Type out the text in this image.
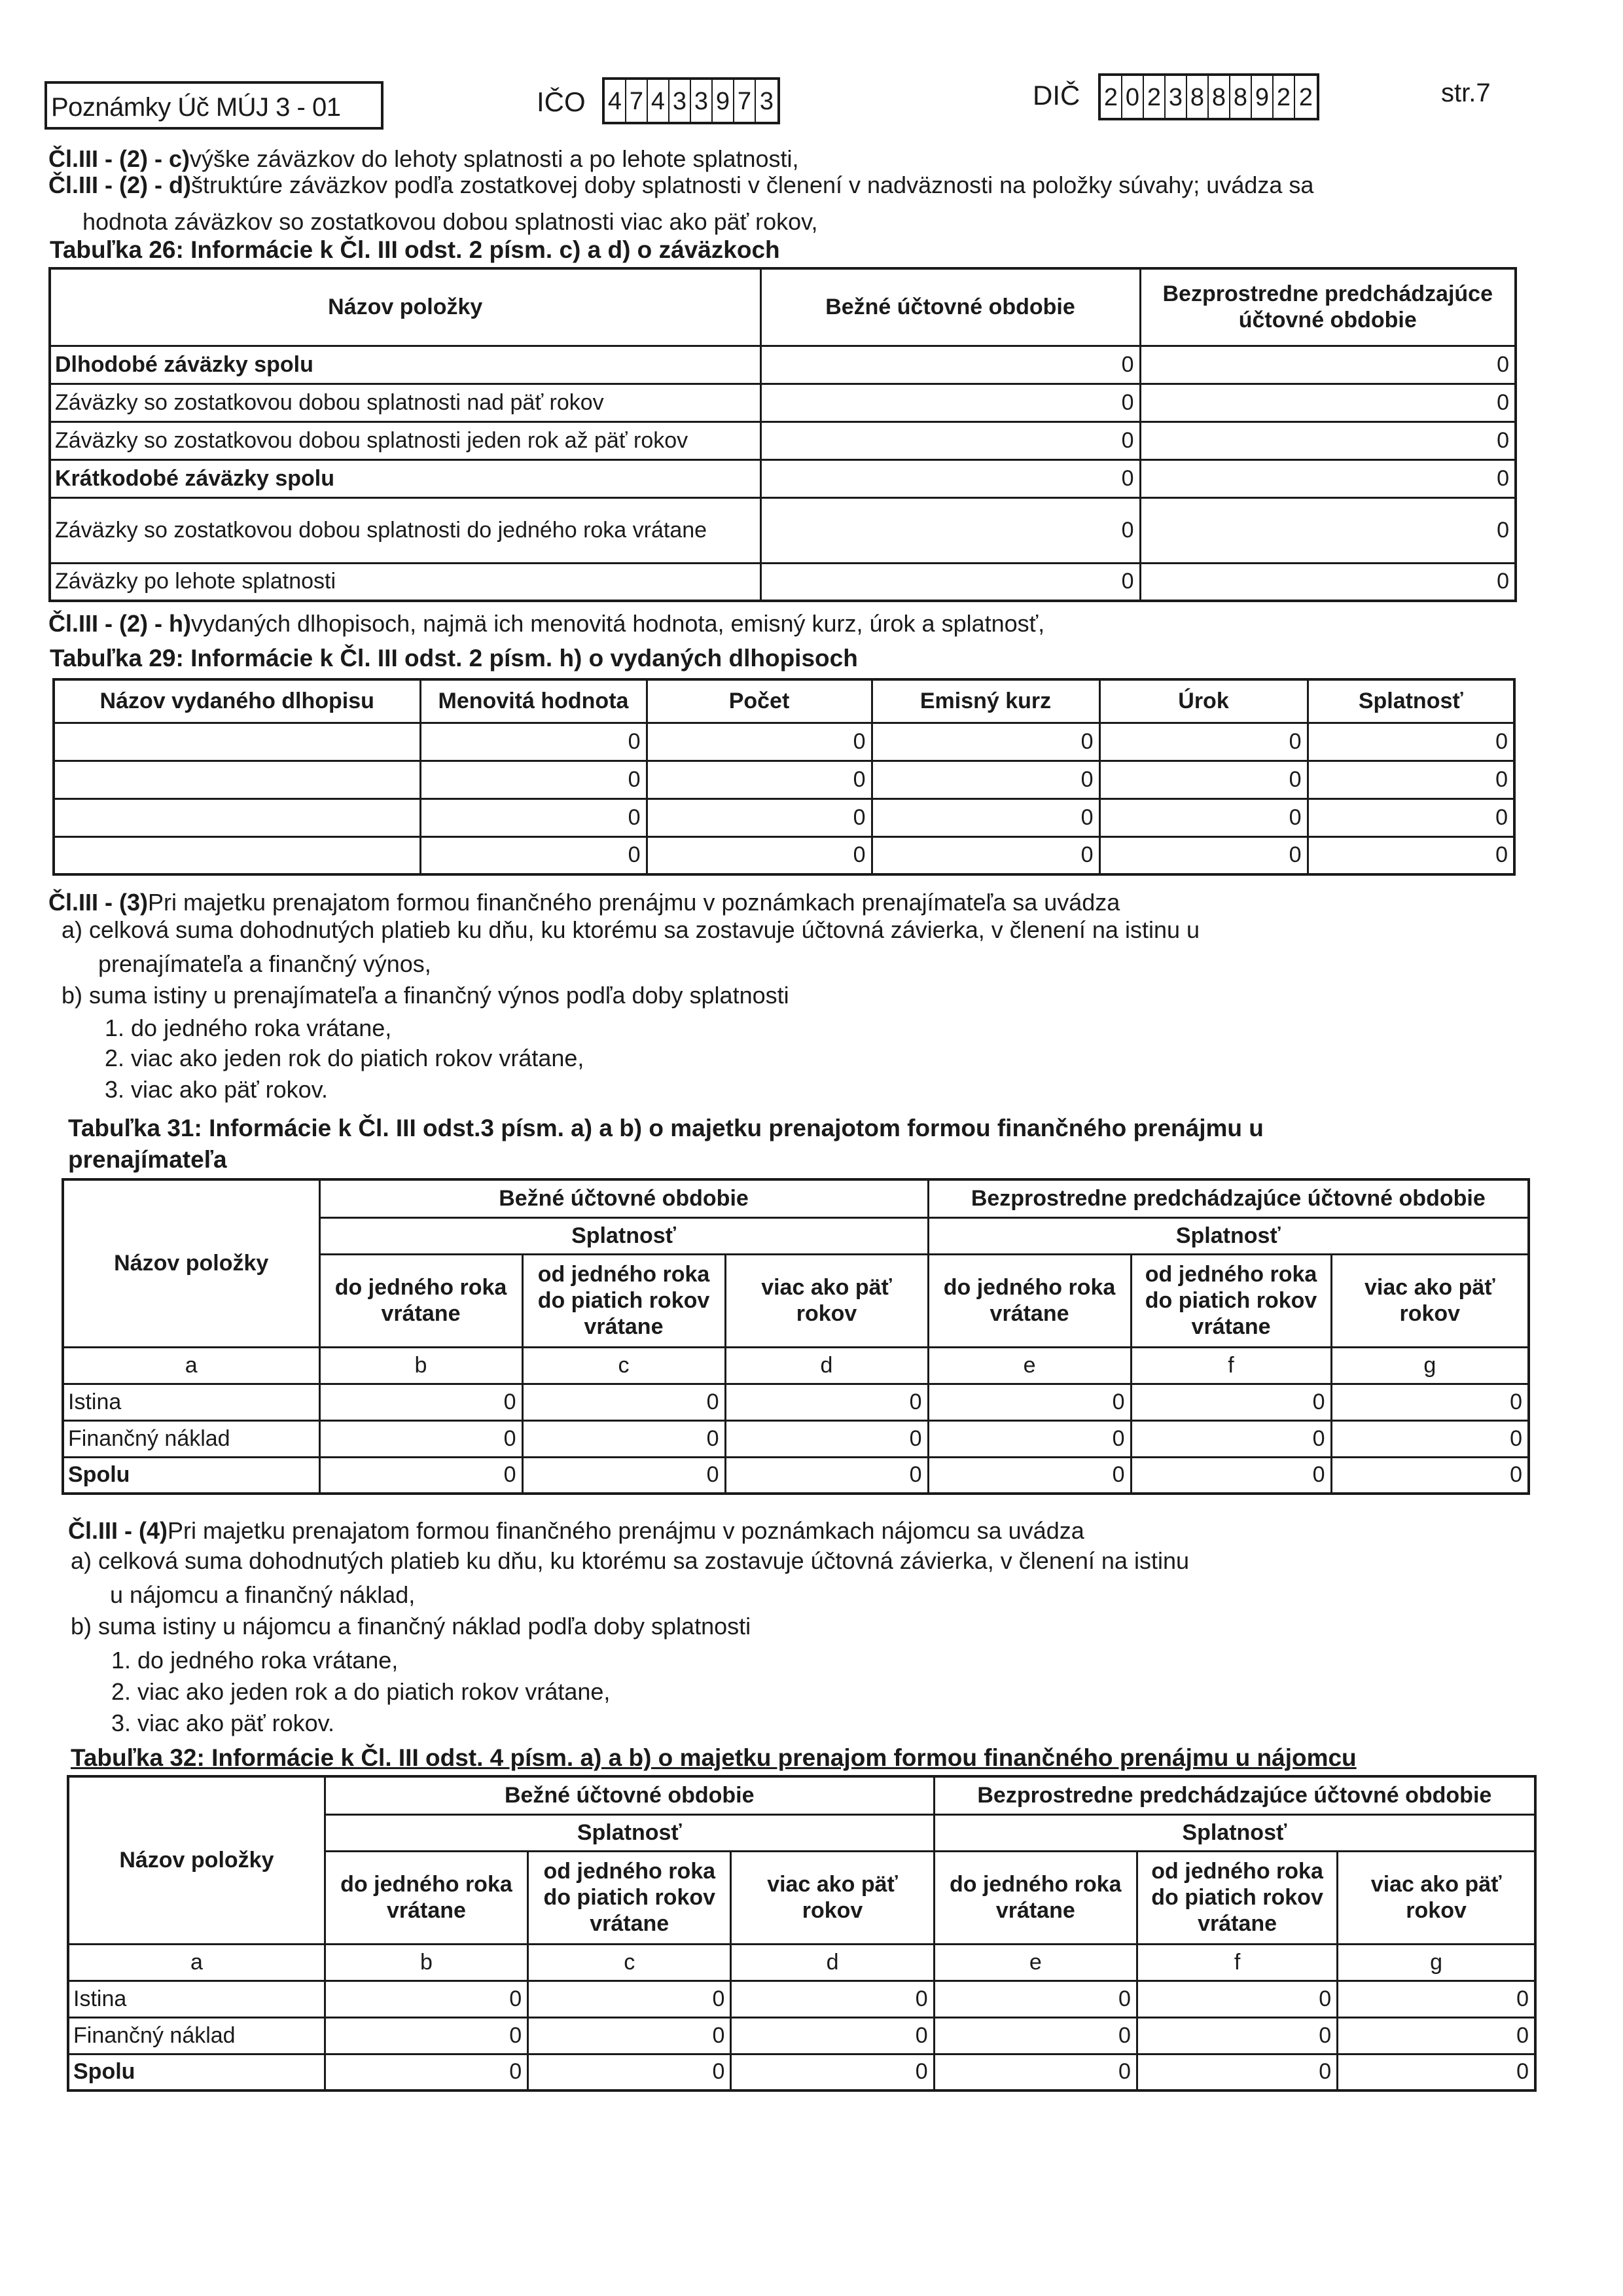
Poznámky Úč MÚJ 3 - 01	IČO 4 7 4 3 3 9 7 3	DIČ 2 0 2 3 8 8 8 9 2 2	str.7
Čl.III - (2) - c)výške záväzkov do lehoty splatnosti a po lehote splatnosti,
Čl.III - (2) - d)štruktúre záväzkov podľa zostatkovej doby splatnosti v členení v nadväznosti na položky súvahy; uvádza sa
hodnota záväzkov so zostatkovou dobou splatnosti viac ako päť rokov,
Tabuľka 26: Informácie k Čl. III odst. 2 písm. c) a d) o záväzkoch
Názov položky	Bežné účtovné obdobie	Bezprostredne predchádzajúce účtovné obdobie
Dlhodobé záväzky spolu	0	0
Záväzky so zostatkovou dobou splatnosti nad päť rokov	0	0
Záväzky so zostatkovou dobou splatnosti jeden rok až päť rokov	0	0
Krátkodobé záväzky spolu	0	0
Záväzky so zostatkovou dobou splatnosti do jedného roka vrátane	0	0
Záväzky po lehote splatnosti	0	0
Čl.III - (2) - h)vydaných dlhopisoch, najmä ich menovitá hodnota, emisný kurz, úrok a splatnosť,
Tabuľka 29: Informácie k Čl. III odst. 2 písm. h) o vydaných dlhopisoch
Názov vydaného dlhopisu	Menovitá hodnota	Počet	Emisný kurz	Úrok	Splatnosť
	0	0	0	0	0
	0	0	0	0	0
	0	0	0	0	0
	0	0	0	0	0
Čl.III - (3)Pri majetku prenajatom formou finančného prenájmu v poznámkach prenajímateľa sa uvádza
a) celková suma dohodnutých platieb ku dňu, ku ktorému sa zostavuje účtovná závierka, v členení na istinu u
prenajímateľa a finančný výnos,
b) suma istiny u prenajímateľa a finančný výnos podľa doby splatnosti
1. do jedného roka vrátane,
2. viac ako jeden rok do piatich rokov vrátane,
3. viac ako päť rokov.
Tabuľka 31: Informácie k Čl. III odst.3 písm. a) a b) o majetku prenajotom formou finančného prenájmu u
prenajímateľa
Názov položky	Bežné účtovné obdobie			Bezprostredne predchádzajúce účtovné obdobie		
	Splatnosť			Splatnosť		
	do jedného roka vrátane	od jedného roka do piatich rokov vrátane	viac ako päť rokov	do jedného roka vrátane	od jedného roka do piatich rokov vrátane	viac ako päť rokov
a	b	c	d	e	f	g
Istina	0	0	0	0	0	0
Finančný náklad	0	0	0	0	0	0
Spolu	0	0	0	0	0	0
Čl.III - (4)Pri majetku prenajatom formou finančného prenájmu v poznámkach nájomcu sa uvádza
a) celková suma dohodnutých platieb ku dňu, ku ktorému sa zostavuje účtovná závierka, v členení na istinu
u nájomcu a finančný náklad,
b) suma istiny u nájomcu a finančný náklad podľa doby splatnosti
1. do jedného roka vrátane,
2. viac ako jeden rok a do piatich rokov vrátane,
3. viac ako päť rokov.
Tabuľka 32: Informácie k Čl. III odst. 4 písm. a) a b) o majetku prenajom formou finančného prenájmu u nájomcu
Názov položky	Bežné účtovné obdobie			Bezprostredne predchádzajúce účtovné obdobie		
	Splatnosť			Splatnosť		
	do jedného roka vrátane	od jedného roka do piatich rokov vrátane	viac ako päť rokov	do jedného roka vrátane	od jedného roka do piatich rokov vrátane	viac ako päť rokov
a	b	c	d	e	f	g
Istina	0	0	0	0	0	0
Finančný náklad	0	0	0	0	0	0
Spolu	0	0	0	0	0	0
